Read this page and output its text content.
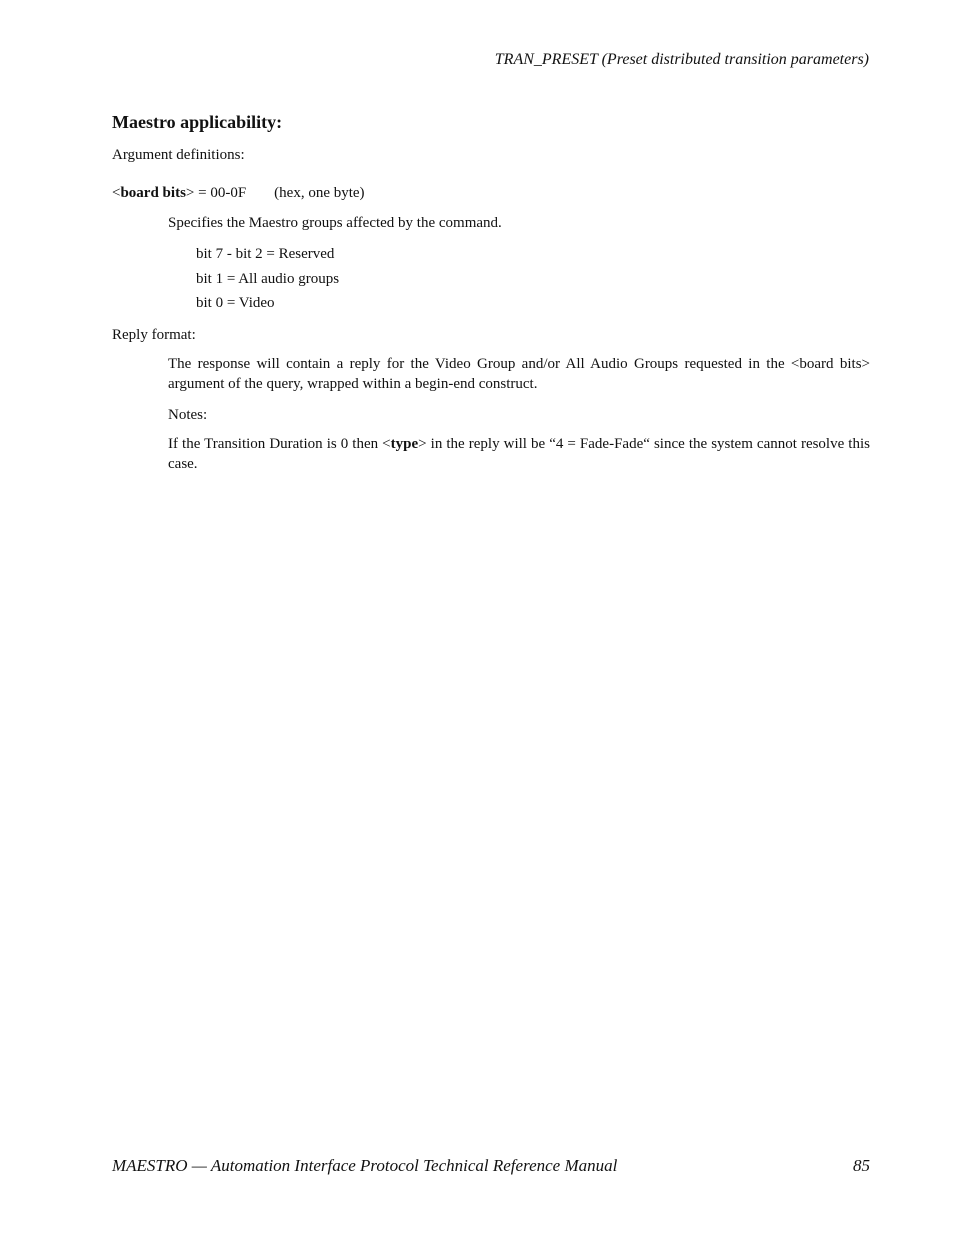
TRAN_PRESET (Preset distributed transition parameters)
Maestro applicability:
Argument definitions:
<board bits> = 00-0F (hex, one byte)
Specifies the Maestro groups affected by the command.
bit 7 - bit 2 = Reserved
bit 1 = All audio groups
bit 0 = Video
Reply format:
The response will contain a reply for the Video Group and/or All Audio Groups requested in the <board bits> argument of the query, wrapped within a begin-end construct.
Notes:
If the Transition Duration is 0 then <type> in the reply will be “4 = Fade-Fade“ since the system cannot resolve this case.
MAESTRO — Automation Interface Protocol Technical Reference Manual	85
